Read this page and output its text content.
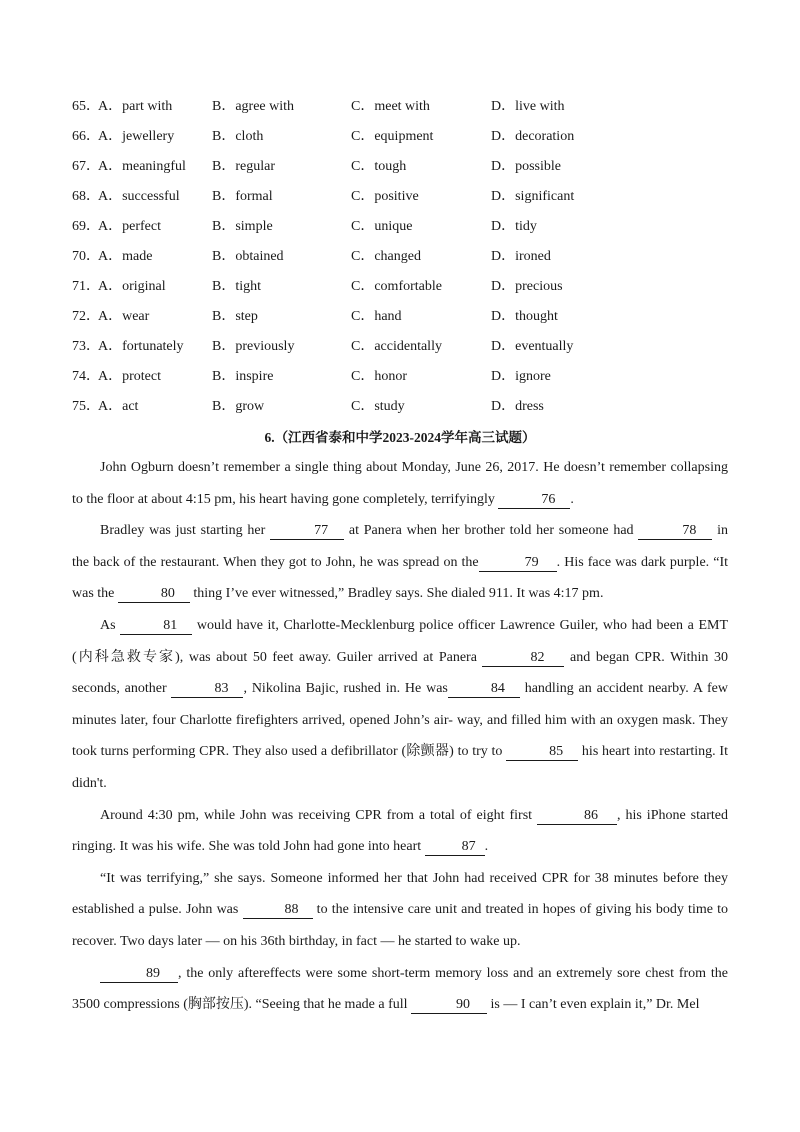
65．
A．part with	B．agree with	C．meet with	D．live with
66．
A．jewellery	B．cloth	C．equipment	D．decoration
67．
A．meaningful B．regular	C．tough	D．possible
68．
A．successful B．formal	C．positive	D．significant
69．
A．perfect	B．simple	C．unique	D．tidy
70．
A．made	B．obtained	C．changed	D．ironed
71．
A．original	B．tight	C．comfortable	D．precious
72．
A．wear	B．step	C．hand	D．thought
73．
A．fortunately B．previously	C．accidentally	D．eventually
74．
A．protect	B．inspire	C．honor	D．ignore
75．
A．act	B．grow	C．study	D．dress
6.（江西省泰和中学2023-2024学年高三试题）

John Ogburn doesn’t remember a single thing about Monday, June 26, 2017. He doesn’t remember collapsing to the floor at about 4:15 pm, his heart having gone completely, terrifyingly	76 .

Bradley was just starting her	77 at Panera when her brother told her someone had	78 in the back of the restaurant. When they got to John, he was spread on the	79 . His face was dark purple. “It was the	80 thing I’ve ever witnessed,” Bradley says. She dialed 911. It was 4:17 pm.

As	81 would have it, Charlotte-Mecklenburg police officer Lawrence Guiler, who had been a EMT (内科急救专家), was about 50 feet away. Guiler arrived at Panera	82 and began CPR. Within 30 seconds, another	83 , Nikolina Bajic, rushed in. He was	84 handling an accident nearby. A few minutes later, four Charlotte firefighters arrived, opened John’s air- way, and filled him with an oxygen mask. They took turns performing CPR. They also used a defibrillator (除颤器) to try to	85 his heart into restarting. It didn't.

Around 4:30 pm, while John was receiving CPR from a total of eight first	86 , his iPhone started ringing. It was his wife. She was told John had gone into heart	87 .

“It was terrifying,” she says. Someone informed her that John had received CPR for 38 minutes before they established a pulse. John was	88 to the intensive care unit and treated in hopes of giving his body time to recover. Two days later — on his 36th birthday, in fact — he started to wake up.

89 , the only aftereffects were some short-term memory loss and an extremely sore chest from the 3500 compressions (胸部按压). “Seeing that he made a full	90 is — I can’t even explain it,” Dr. Mel
